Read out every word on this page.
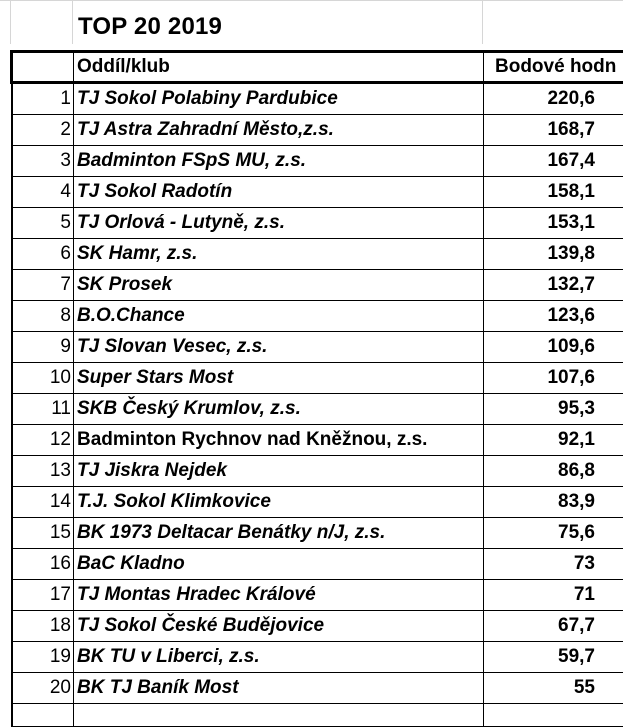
TOP 20 2019
	Oddíl/klub	Bodové hodn
1	TJ Sokol Polabiny Pardubice	220,6
2	TJ Astra Zahradní Město,z.s.	168,7
3	Badminton FSpS MU, z.s.	167,4
4	TJ Sokol Radotín	158,1
5	TJ Orlová - Lutyně, z.s.	153,1
6	SK Hamr, z.s.	139,8
7	SK Prosek	132,7
8	B.O.Chance	123,6
9	TJ Slovan Vesec, z.s.	109,6
10	Super Stars Most	107,6
11	SKB Český Krumlov, z.s.	95,3
12	Badminton Rychnov nad Kněžnou, z.s.	92,1
13	TJ Jiskra Nejdek	86,8
14	T.J. Sokol Klimkovice	83,9
15	BK 1973 Deltacar Benátky n/J, z.s.	75,6
16	BaC Kladno	73
17	TJ Montas Hradec Králové	71
18	TJ Sokol České Budějovice	67,7
19	BK TU v Liberci, z.s.	59,7
20	BK TJ Baník Most	55
